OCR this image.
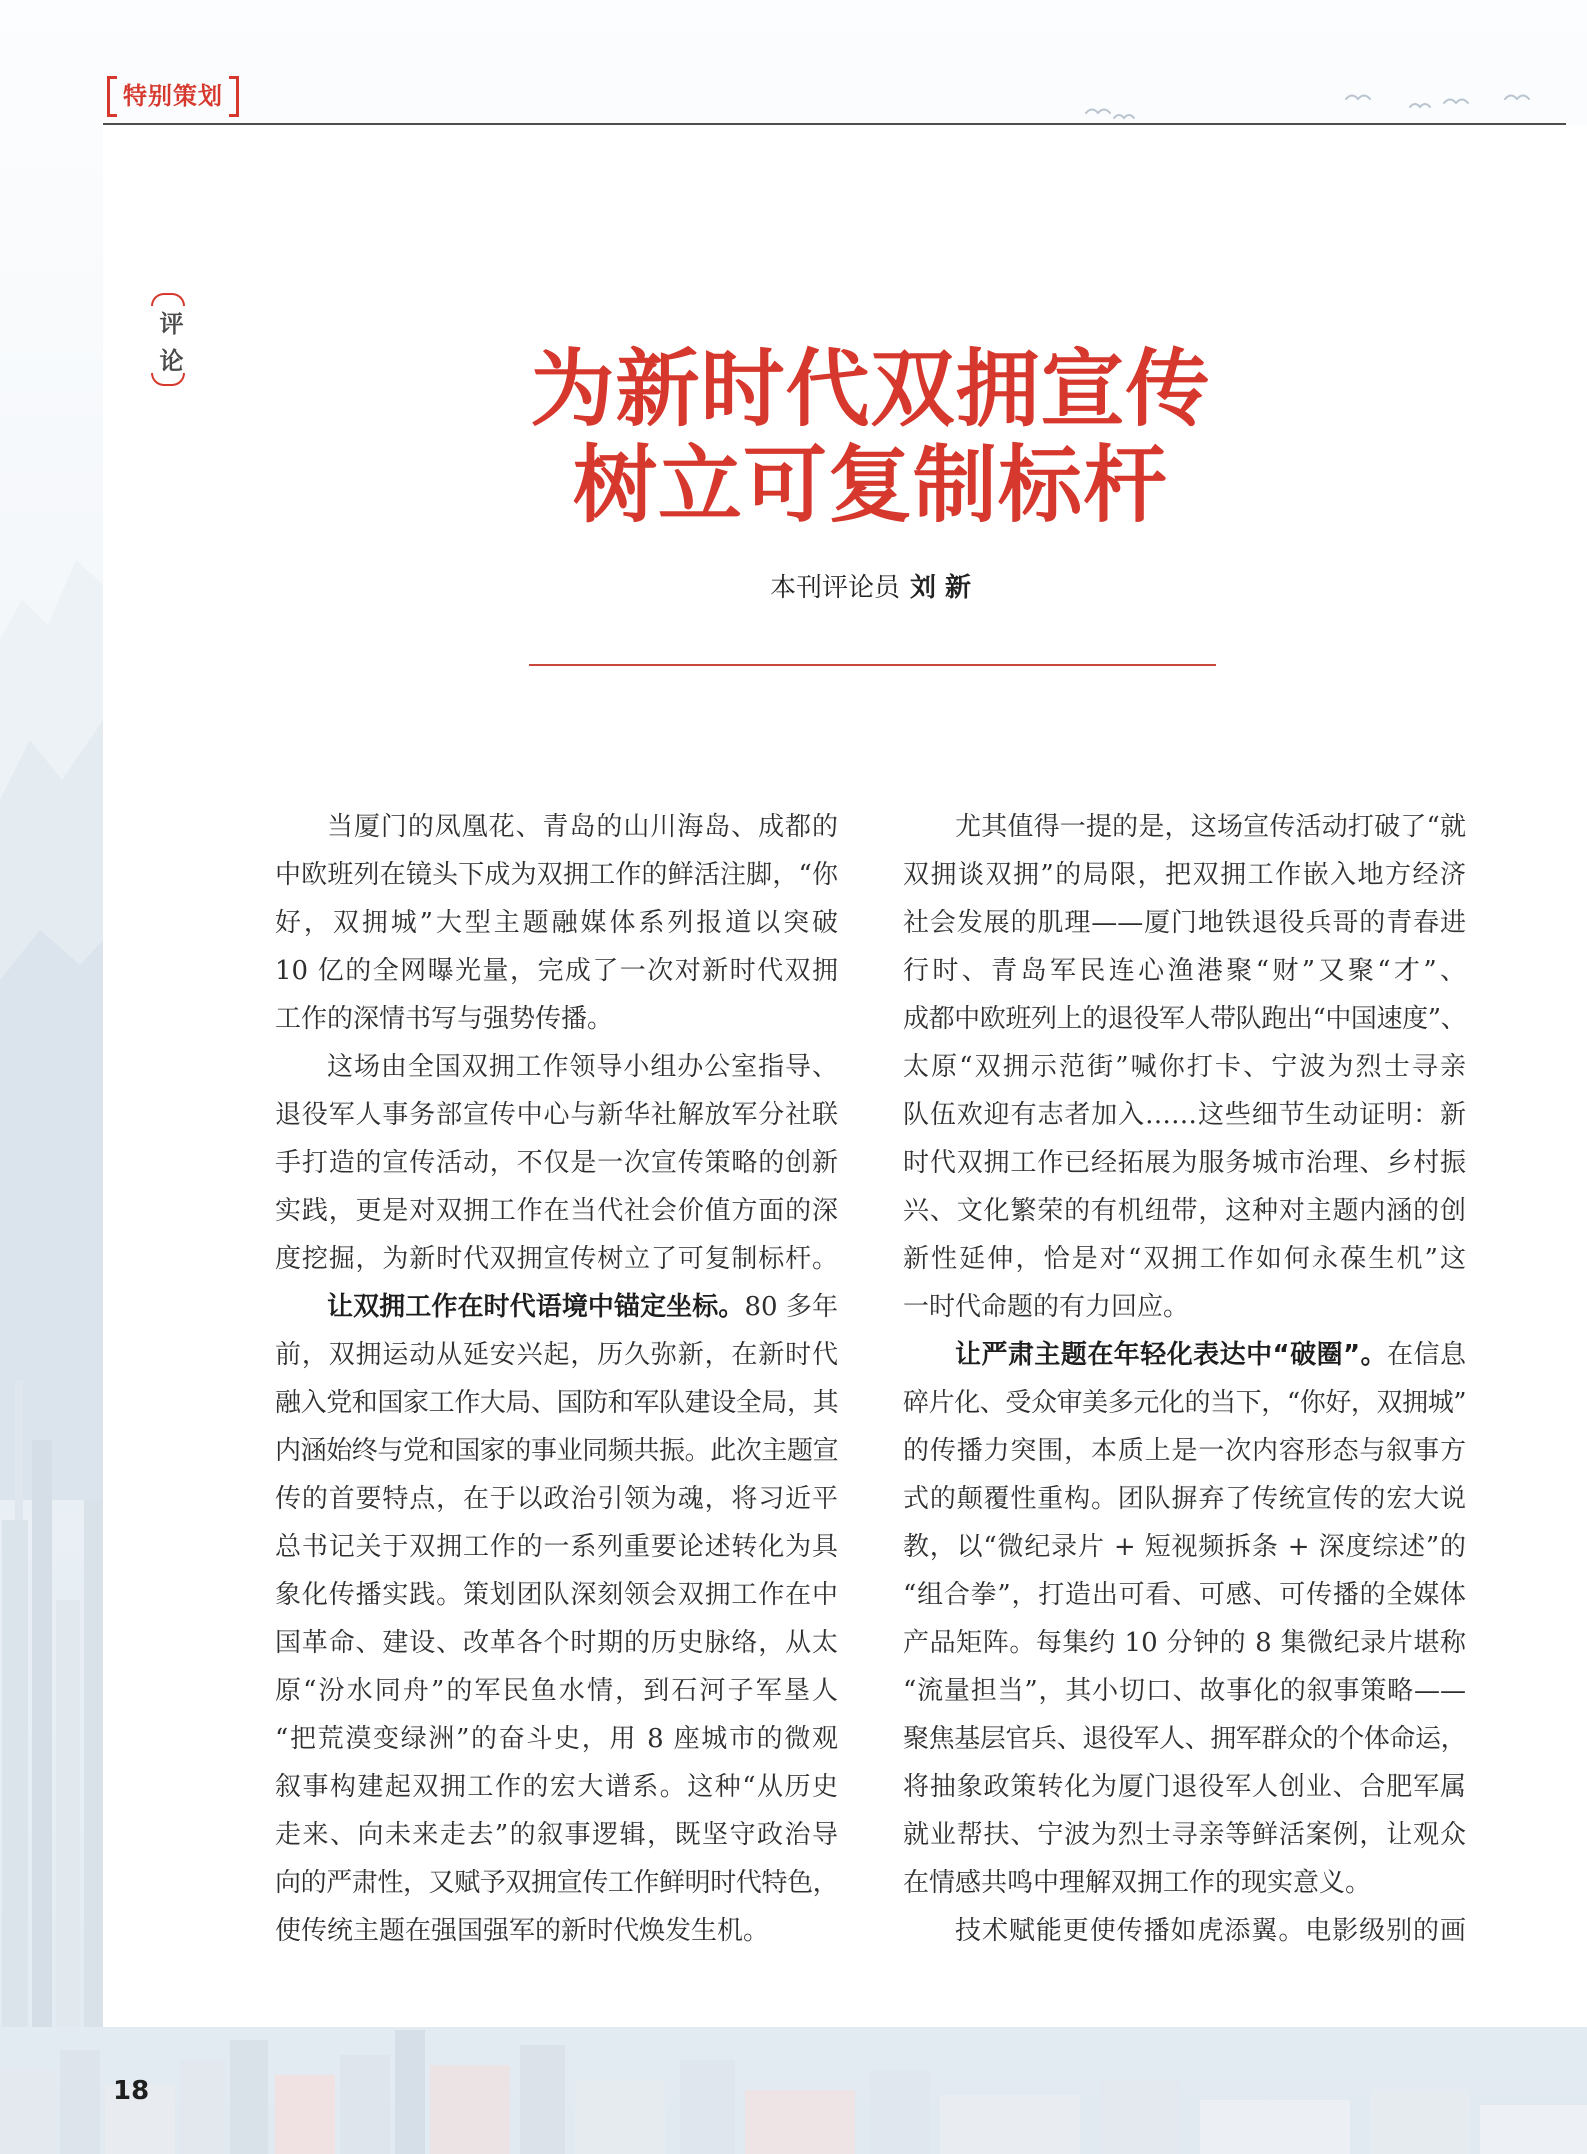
特别策划
评论	为新时代双拥宣传
树立可复制标杆
本刊评论员 刘 新
当厦门的凤凰花、青岛的山川海岛、成都的
中欧班列在镜头下成为双拥工作的鲜活注脚，“你
好，双拥城”大型主题融媒体系列报道以突破
10 亿的全网曝光量，完成了一次对新时代双拥
工作的深情书写与强势传播。
这场由全国双拥工作领导小组办公室指导、
退役军人事务部宣传中心与新华社解放军分社联
手打造的宣传活动，不仅是一次宣传策略的创新
实践，更是对双拥工作在当代社会价值方面的深
度挖掘，为新时代双拥宣传树立了可复制标杆。
让双拥工作在时代语境中锚定坐标。80 多年
前，双拥运动从延安兴起，历久弥新，在新时代
融入党和国家工作大局、国防和军队建设全局，其
内涵始终与党和国家的事业同频共振。此次主题宣
传的首要特点，在于以政治引领为魂，将习近平
总书记关于双拥工作的一系列重要论述转化为具
象化传播实践。策划团队深刻领会双拥工作在中
国革命、建设、改革各个时期的历史脉络，从太
原“汾水同舟”的军民鱼水情，到石河子军垦人
“把荒漠变绿洲”的奋斗史，用 8 座城市的微观
叙事构建起双拥工作的宏大谱系。这种“从历史
走来、向未来走去”的叙事逻辑，既坚守政治导
向的严肃性，又赋予双拥宣传工作鲜明时代特色，
使传统主题在强国强军的新时代焕发生机。
尤其值得一提的是，这场宣传活动打破了“就
双拥谈双拥”的局限，把双拥工作嵌入地方经济
社会发展的肌理——厦门地铁退役兵哥的青春进
行时、青岛军民连心渔港聚“财”又聚“才”、
成都中欧班列上的退役军人带队跑出“中国速度”、
太原“双拥示范街”喊你打卡、宁波为烈士寻亲
队伍欢迎有志者加入……这些细节生动证明：新
时代双拥工作已经拓展为服务城市治理、乡村振
兴、文化繁荣的有机纽带，这种对主题内涵的创
新性延伸，恰是对“双拥工作如何永葆生机”这
一时代命题的有力回应。
让严肃主题在年轻化表达中“破圈”。在信息
碎片化、受众审美多元化的当下，“你好，双拥城”
的传播力突围，本质上是一次内容形态与叙事方
式的颠覆性重构。团队摒弃了传统宣传的宏大说
教，以“微纪录片 + 短视频拆条 + 深度综述”的
“组合拳”，打造出可看、可感、可传播的全媒体
产品矩阵。每集约 10 分钟的 8 集微纪录片堪称
“流量担当”，其小切口、故事化的叙事策略——
聚焦基层官兵、退役军人、拥军群众的个体命运，
将抽象政策转化为厦门退役军人创业、合肥军属
就业帮扶、宁波为烈士寻亲等鲜活案例，让观众
在情感共鸣中理解双拥工作的现实意义。
技术赋能更使传播如虎添翼。电影级别的画
18
